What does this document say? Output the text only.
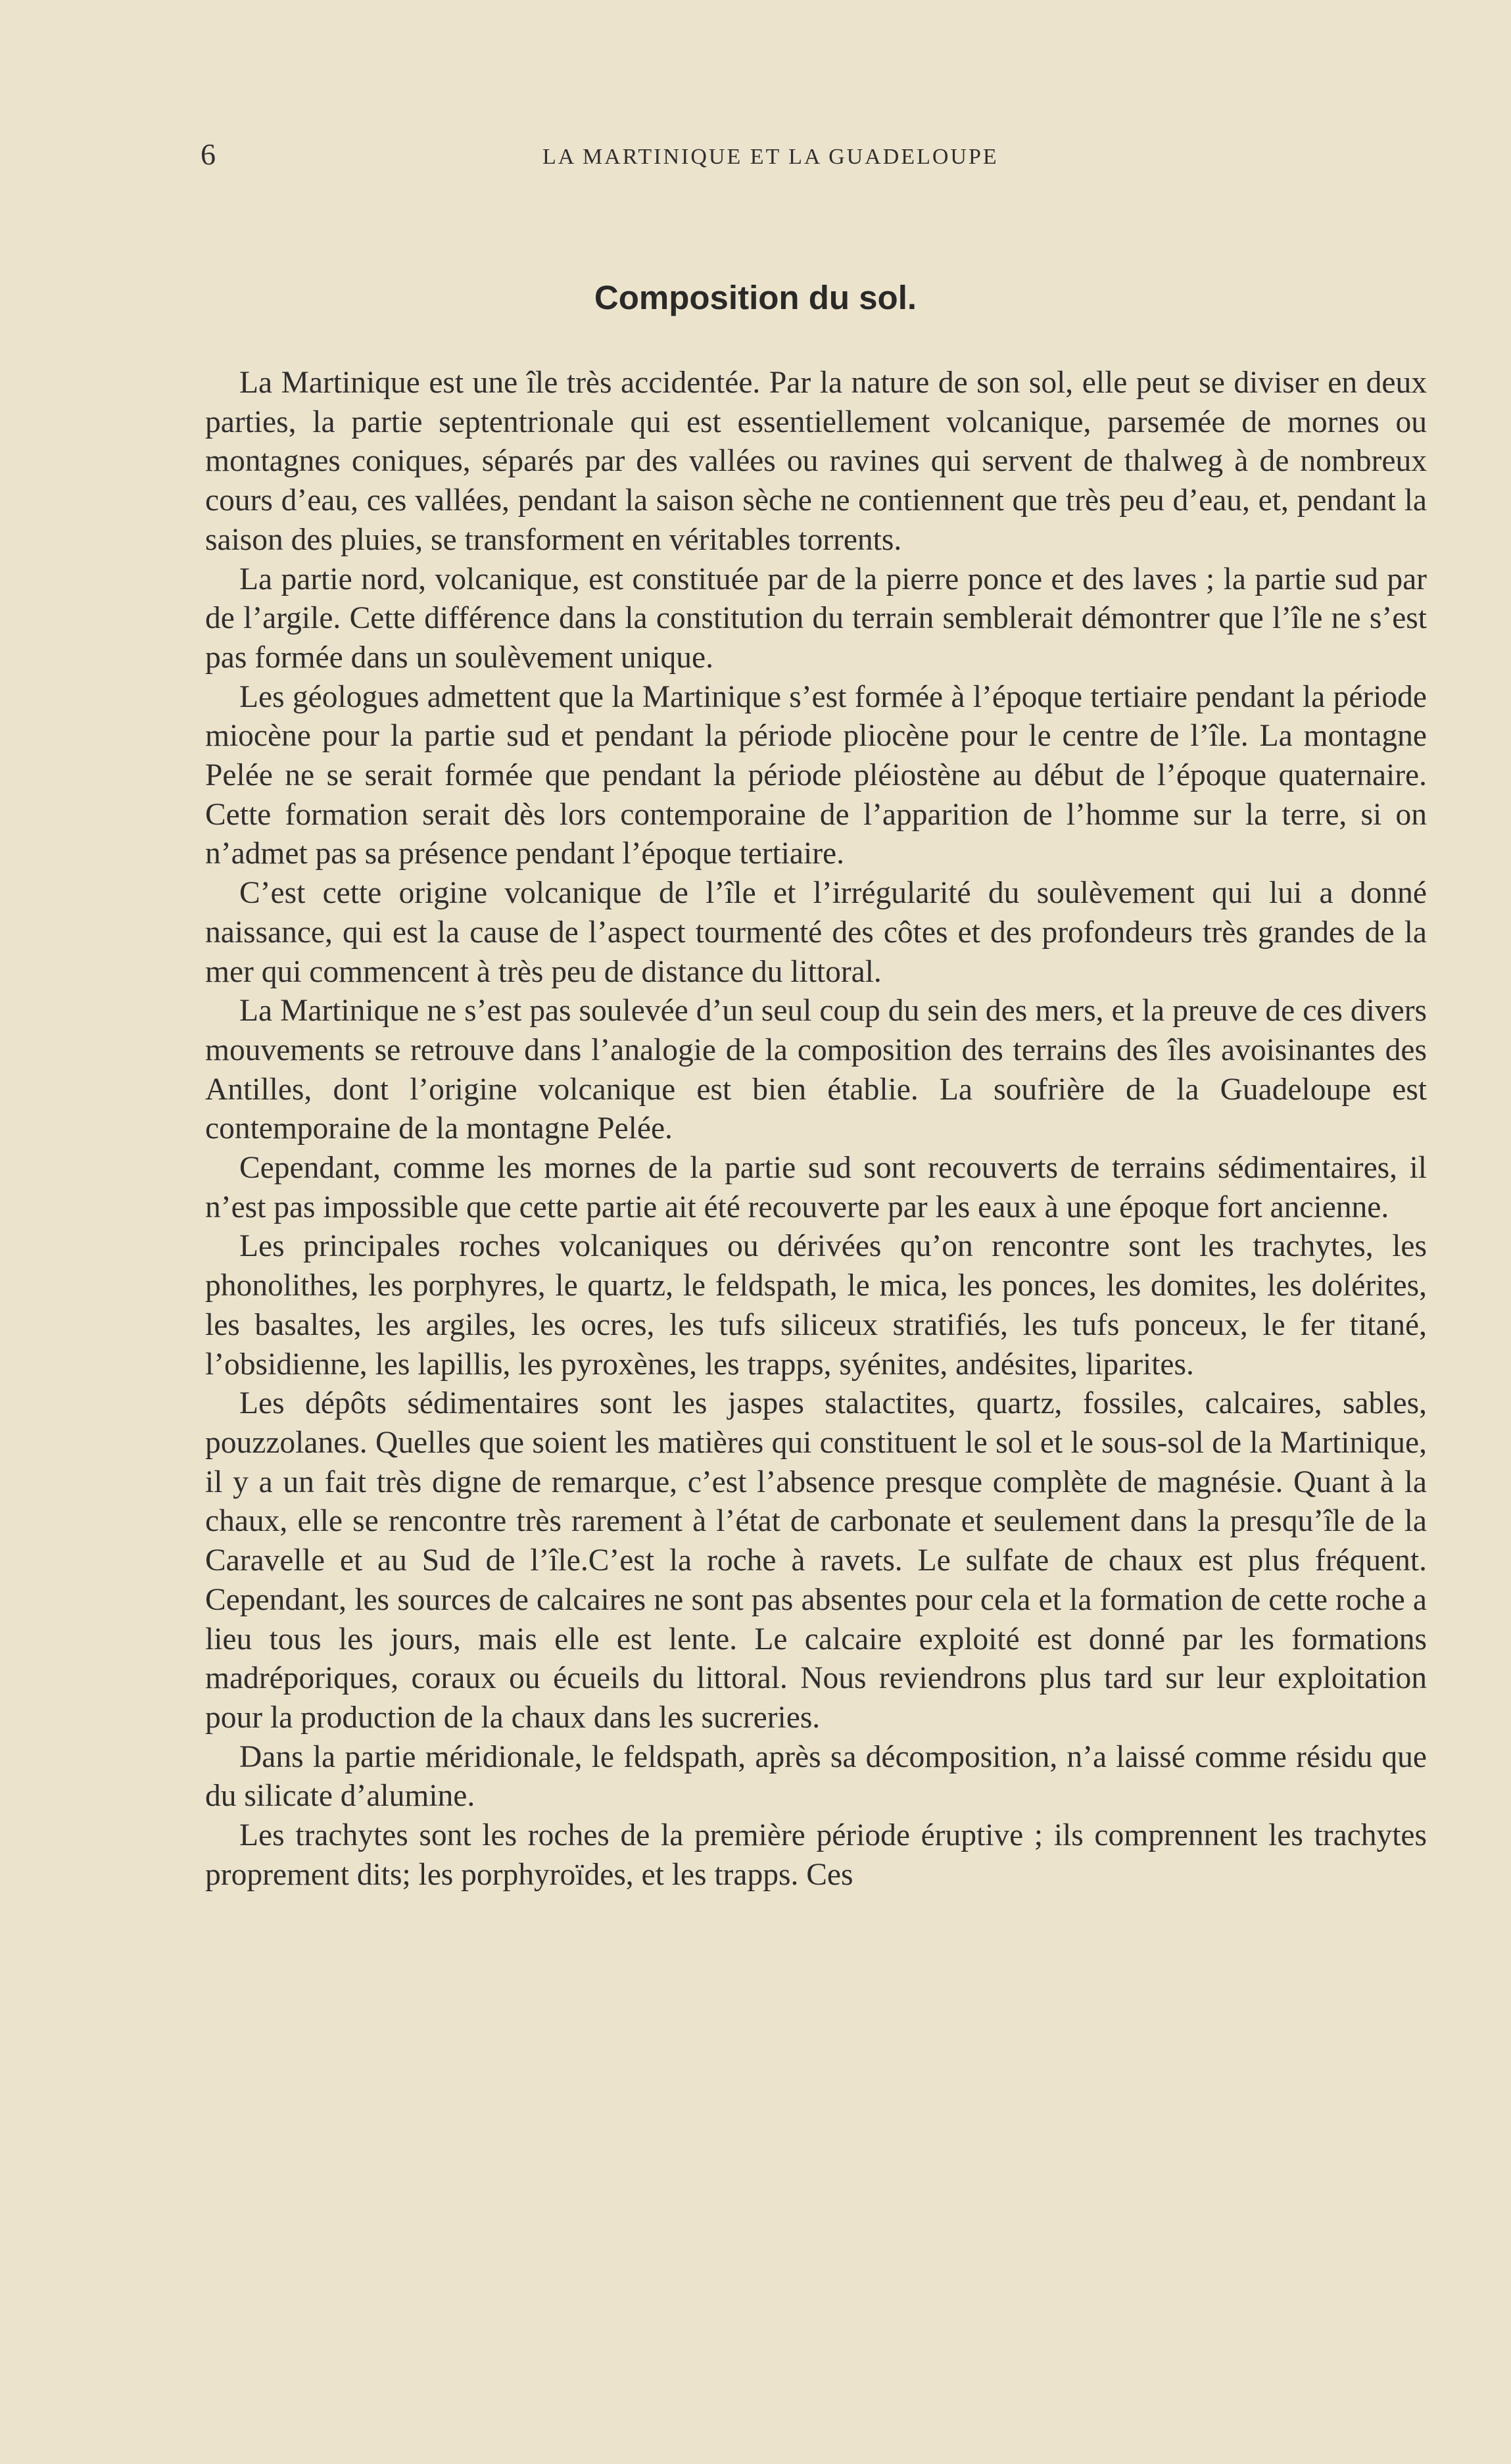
6	LA MARTINIQUE ET LA GUADELOUPE
Composition du sol.

La Martinique est une île très accidentée. Par la nature de son sol, elle peut se diviser en deux parties, la partie septentrionale qui est essentiellement volcanique, parsemée de mornes ou montagnes coniques, séparés par des vallées ou ravines qui servent de thalweg à de nombreux cours d’eau, ces vallées, pendant la saison sèche ne contiennent que très peu d’eau, et, pendant la saison des pluies, se transforment en véritables torrents.

La partie nord, volcanique, est constituée par de la pierre ponce et des laves ; la partie sud par de l’argile. Cette différence dans la constitution du terrain semblerait démontrer que l’île ne s’est pas formée dans un soulèvement unique.

Les géologues admettent que la Martinique s’est formée à l’époque tertiaire pendant la période miocène pour la partie sud et pendant la période pliocène pour le centre de l’île. La montagne Pelée ne se serait formée que pendant la période pléiostène au début de l’époque quaternaire. Cette formation serait dès lors contemporaine de l’apparition de l’homme sur la terre, si on n’admet pas sa présence pendant l’époque tertiaire.

C’est cette origine volcanique de l’île et l’irrégularité du soulèvement qui lui a donné naissance, qui est la cause de l’aspect tourmenté des côtes et des profondeurs très grandes de la mer qui commencent à très peu de distance du littoral.

La Martinique ne s’est pas soulevée d’un seul coup du sein des mers, et la preuve de ces divers mouvements se retrouve dans l’analogie de la composition des terrains des îles avoisinantes des Antilles, dont l’origine volcanique est bien établie. La soufrière de la Guadeloupe est contemporaine de la montagne Pelée.

Cependant, comme les mornes de la partie sud sont recouverts de terrains sédimentaires, il n’est pas impossible que cette partie ait été recouverte par les eaux à une époque fort ancienne.

Les principales roches volcaniques ou dérivées qu’on rencontre sont les trachytes, les phonolithes, les porphyres, le quartz, le feldspath, le mica, les ponces, les domites, les dolérites, les basaltes, les argiles, les ocres, les tufs siliceux stratifiés, les tufs ponceux, le fer titané, l’obsidienne, les lapillis, les pyroxènes, les trapps, syénites, andésites, liparites.

Les dépôts sédimentaires sont les jaspes stalactites, quartz, fossiles, calcaires, sables, pouzzolanes. Quelles que soient les matières qui constituent le sol et le sous-sol de la Martinique, il y a un fait très digne de remarque, c’est l’absence presque complète de magnésie. Quant à la chaux, elle se rencontre très rarement à l’état de carbonate et seulement dans la presqu’île de la Caravelle et au Sud de l’île.C’est la roche à ravets. Le sulfate de chaux est plus fréquent. Cependant, les sources de calcaires ne sont pas absentes pour cela et la formation de cette roche a lieu tous les jours, mais elle est lente. Le calcaire exploité est donné par les formations madréporiques, coraux ou écueils du littoral. Nous reviendrons plus tard sur leur exploitation pour la production de la chaux dans les sucreries.

Dans la partie méridionale, le feldspath, après sa décomposition, n’a laissé comme résidu que du silicate d’alumine.

Les trachytes sont les roches de la première période éruptive ; ils comprennent les trachytes proprement dits; les porphyroïdes, et les trapps. Ces
